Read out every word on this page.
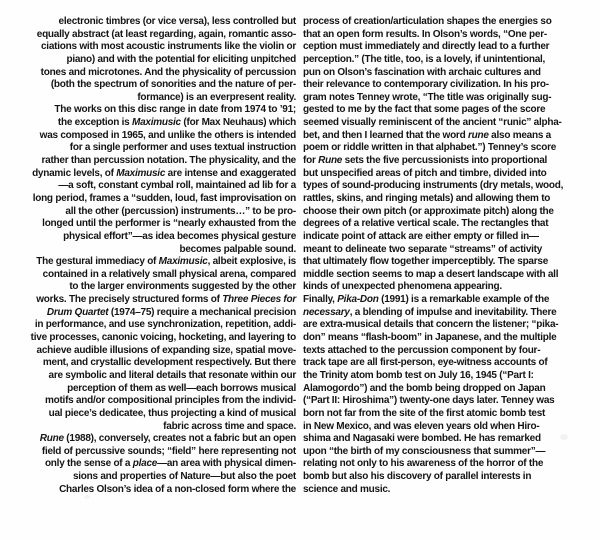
electronic timbres (or vice versa), less controlled but
equally abstract (at least regarding, again, romantic asso-
ciations with most acoustic instruments like the violin or
piano) and with the potential for eliciting unpitched
tones and microtones. And the physicality of percussion
(both the spectrum of sonorities and the nature of per-
formance) is an everpresent reality.
The works on this disc range in date from 1974 to ’91;
the exception is Maximusic (for Max Neuhaus) which
was composed in 1965, and unlike the others is intended
for a single performer and uses textual instruction
rather than percussion notation. The physicality, and the
dynamic levels, of Maximusic are intense and exaggerated
—a soft, constant cymbal roll, maintained ad lib for a
long period, frames a “sudden, loud, fast improvisation on
all the other (percussion) instruments…” to be pro-
longed until the performer is “nearly exhausted from the
physical effort”—as idea becomes physical gesture
becomes palpable sound.
The gestural immediacy of Maximusic, albeit explosive, is
contained in a relatively small physical arena, compared
to the larger environments suggested by the other
works. The precisely structured forms of Three Pieces for
Drum Quartet (1974–75) require a mechanical precision
in performance, and use synchronization, repetition, addi-
tive processes, canonic voicing, hocketing, and layering to
achieve audible illusions of expanding size, spatial move-
ment, and crystallic development respectively. But there
are symbolic and literal details that resonate within our
perception of them as well—each borrows musical
motifs and/or compositional principles from the individ-
ual piece’s dedicatee, thus projecting a kind of musical
fabric across time and space.
Rune (1988), conversely, creates not a fabric but an open
field of percussive sounds; “field” here representing not
only the sense of a place—an area with physical dimen-
sions and properties of Nature—but also the poet
Charles Olson’s idea of a non-closed form where the
process of creation/articulation shapes the energies so
that an open form results. In Olson’s words, “One per-
ception must immediately and directly lead to a further
perception.” (The title, too, is a lovely, if unintentional,
pun on Olson’s fascination with archaic cultures and
their relevance to contemporary civilization. In his pro-
gram notes Tenney wrote, “The title was originally sug-
gested to me by the fact that some pages of the score
seemed visually reminiscent of the ancient “runic” alpha-
bet, and then I learned that the word rune also means a
poem or riddle written in that alphabet.”) Tenney’s score
for Rune sets the five percussionists into proportional
but unspecified areas of pitch and timbre, divided into
types of sound-producing instruments (dry metals, wood,
rattles, skins, and ringing metals) and allowing them to
choose their own pitch (or approximate pitch) along the
degrees of a relative vertical scale. The rectangles that
indicate point of attack are either empty or filled in—
meant to delineate two separate “streams” of activity
that ultimately flow together imperceptibly. The sparse
middle section seems to map a desert landscape with all
kinds of unexpected phenomena appearing.
Finally, Pika-Don (1991) is a remarkable example of the
necessary, a blending of impulse and inevitability. There
are extra-musical details that concern the listener; “pika-
don” means “flash-boom” in Japanese, and the multiple
texts attached to the percussion component by four-
track tape are all first-person, eye-witness accounts of
the Trinity atom bomb test on July 16, 1945 (“Part I:
Alamogordo”) and the bomb being dropped on Japan
(“Part II: Hiroshima”) twenty-one days later. Tenney was
born not far from the site of the first atomic bomb test
in New Mexico, and was eleven years old when Hiro-
shima and Nagasaki were bombed. He has remarked
upon “the birth of my consciousness that summer”—
relating not only to his awareness of the horror of the
bomb but also his discovery of parallel interests in
science and music.
